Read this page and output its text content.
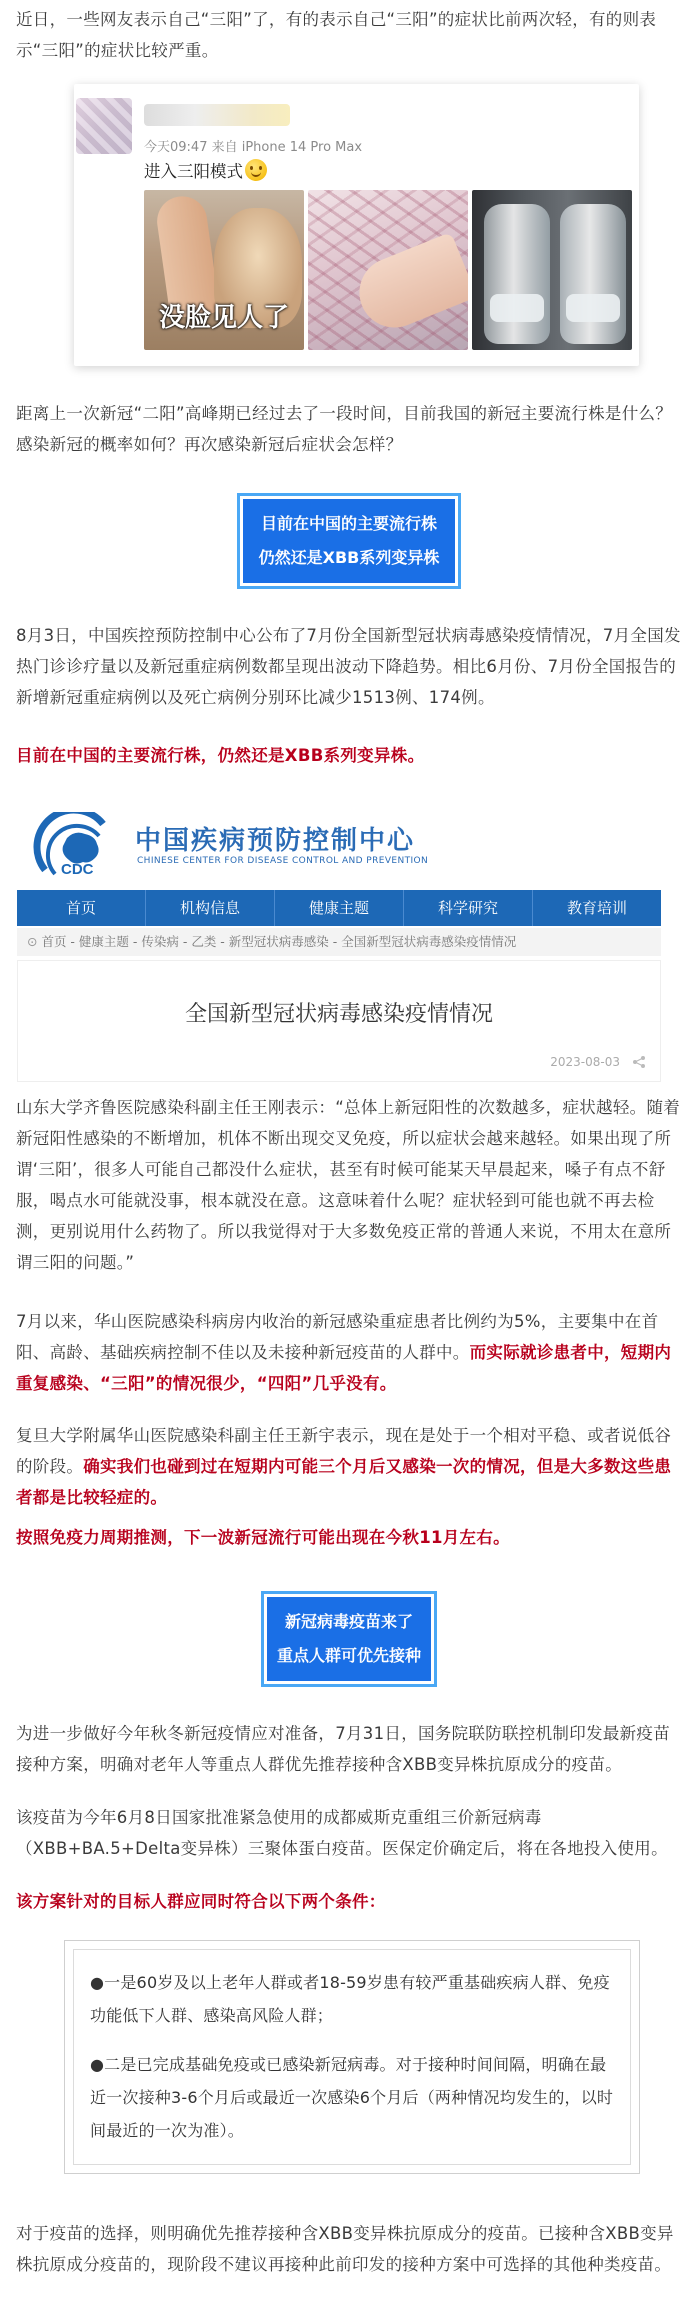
近日，一些网友表示自己“三阳”了，有的表示自己“三阳”的症状比前两次轻，有的则表示“三阳”的症状比较严重。

今天09:47 来自 iPhone 14 Pro Max
进入三阳模式
没脸见人了

距离上一次新冠“二阳”高峰期已经过去了一段时间，目前我国的新冠主要流行株是什么？感染新冠的概率如何？再次感染新冠后症状会怎样？

目前在中国的主要流行株
仍然还是XBB系列变异株

8月3日，中国疾控预防控制中心公布了7月份全国新型冠状病毒感染疫情情况，7月全国发热门诊诊疗量以及新冠重症病例数都呈现出波动下降趋势。相比6月份、7月份全国报告的新增新冠重症病例以及死亡病例分别环比减少1513例、174例。

目前在中国的主要流行株，仍然还是XBB系列变异株。

CDC
中国疾病预防控制中心
CHINESE CENTER FOR DISEASE CONTROL AND PREVENTION
首页	机构信息	健康主题	科学研究	教育培训
⊙ 首页 - 健康主题 - 传染病 - 乙类 - 新型冠状病毒感染 - 全国新型冠状病毒感染疫情情况
全国新型冠状病毒感染疫情情况
2023-08-03

山东大学齐鲁医院感染科副主任王刚表示：“总体上新冠阳性的次数越多，症状越轻。随着新冠阳性感染的不断增加，机体不断出现交叉免疫，所以症状会越来越轻。如果出现了所谓‘三阳’，很多人可能自己都没什么症状，甚至有时候可能某天早晨起来，嗓子有点不舒服，喝点水可能就没事，根本就没在意。这意味着什么呢？症状轻到可能也就不再去检测，更别说用什么药物了。所以我觉得对于大多数免疫正常的普通人来说，不用太在意所谓三阳的问题。”

7月以来，华山医院感染科病房内收治的新冠感染重症患者比例约为5%，主要集中在首阳、高龄、基础疾病控制不佳以及未接种新冠疫苗的人群中。而实际就诊患者中，短期内重复感染、“三阳”的情况很少，“四阳”几乎没有。

复旦大学附属华山医院感染科副主任王新宇表示，现在是处于一个相对平稳、或者说低谷的阶段。确实我们也碰到过在短期内可能三个月后又感染一次的情况，但是大多数这些患者都是比较轻症的。

按照免疫力周期推测，下一波新冠流行可能出现在今秋11月左右。

新冠病毒疫苗来了
重点人群可优先接种

为进一步做好今年秋冬新冠疫情应对准备，7月31日，国务院联防联控机制印发最新疫苗接种方案，明确对老年人等重点人群优先推荐接种含XBB变异株抗原成分的疫苗。

该疫苗为今年6月8日国家批准紧急使用的成都威斯克重组三价新冠病毒（XBB+BA.5+Delta变异株）三聚体蛋白疫苗。医保定价确定后，将在各地投入使用。

该方案针对的目标人群应同时符合以下两个条件：

●一是60岁及以上老年人群或者18-59岁患有较严重基础疾病人群、免疫功能低下人群、感染高风险人群；

●二是已完成基础免疫或已感染新冠病毒。对于接种时间间隔，明确在最近一次接种3-6个月后或最近一次感染6个月后（两种情况均发生的，以时间最近的一次为准）。

对于疫苗的选择，则明确优先推荐接种含XBB变异株抗原成分的疫苗。已接种含XBB变异株抗原成分疫苗的，现阶段不建议再接种此前印发的接种方案中可选择的其他种类疫苗。
